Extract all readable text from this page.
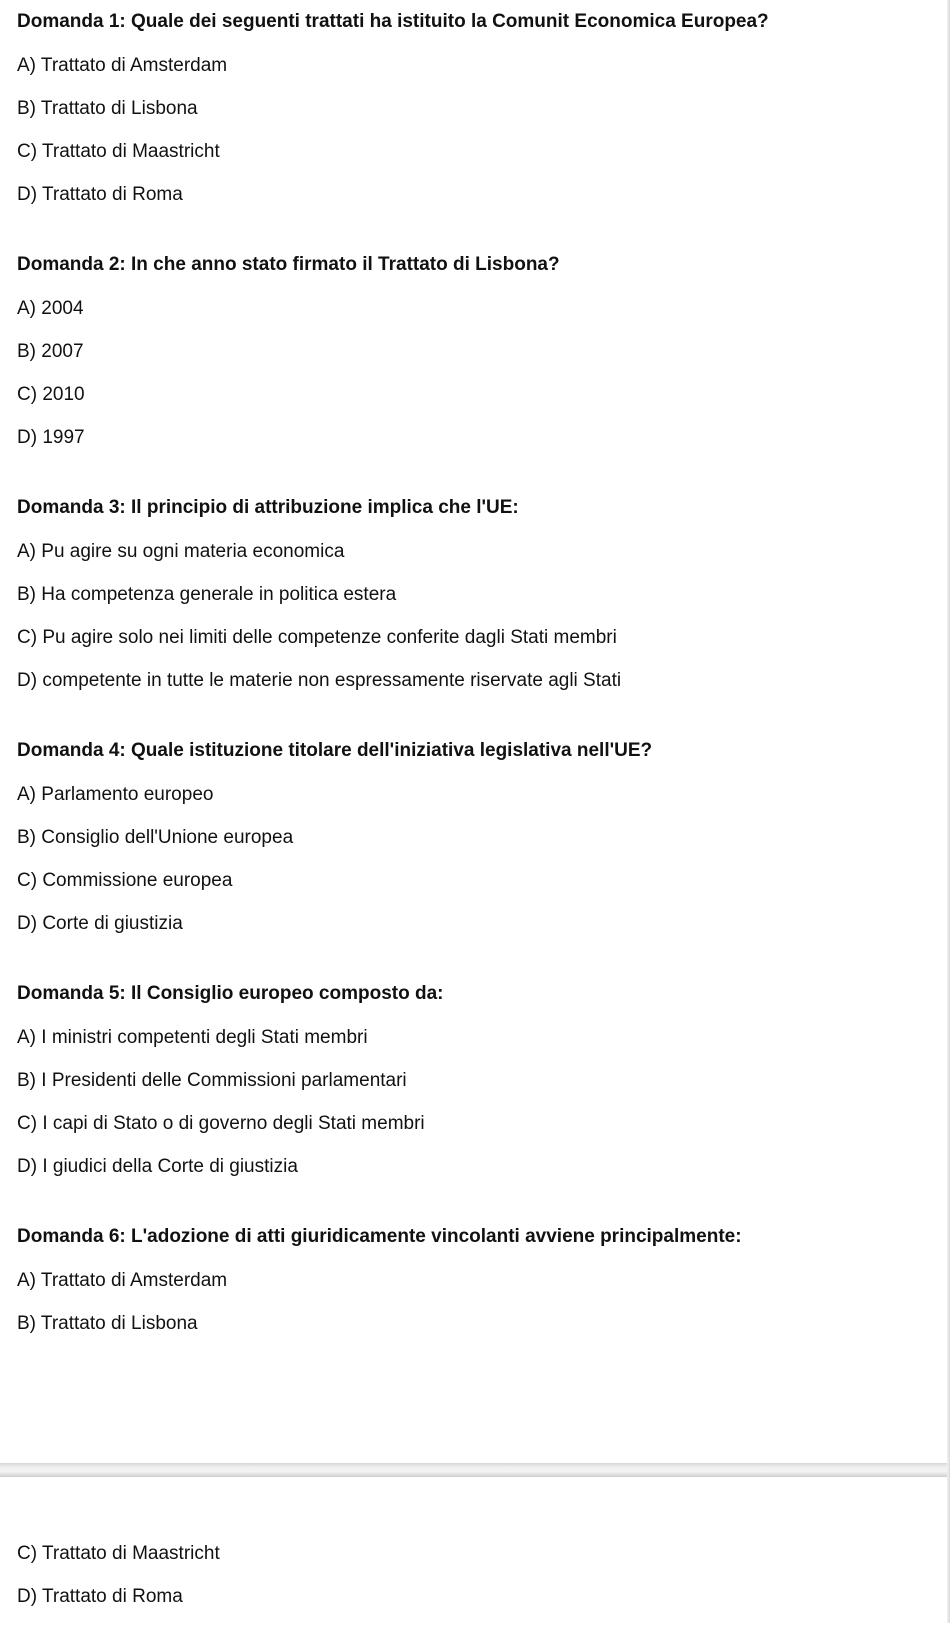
Domanda 1: Quale dei seguenti trattati ha istituito la Comunit Economica Europea?
A) Trattato di Amsterdam
B) Trattato di Lisbona
C) Trattato di Maastricht
D) Trattato di Roma
Domanda 2: In che anno stato firmato il Trattato di Lisbona?
A) 2004
B) 2007
C) 2010
D) 1997
Domanda 3: Il principio di attribuzione implica che l'UE:
A) Pu agire su ogni materia economica
B) Ha competenza generale in politica estera
C) Pu agire solo nei limiti delle competenze conferite dagli Stati membri
D) competente in tutte le materie non espressamente riservate agli Stati
Domanda 4: Quale istituzione titolare dell'iniziativa legislativa nell'UE?
A) Parlamento europeo
B) Consiglio dell'Unione europea
C) Commissione europea
D) Corte di giustizia
Domanda 5: Il Consiglio europeo composto da:
A) I ministri competenti degli Stati membri
B) I Presidenti delle Commissioni parlamentari
C) I capi di Stato o di governo degli Stati membri
D) I giudici della Corte di giustizia
Domanda 6: L'adozione di atti giuridicamente vincolanti avviene principalmente:
A) Trattato di Amsterdam
B) Trattato di Lisbona
C) Trattato di Maastricht
D) Trattato di Roma
